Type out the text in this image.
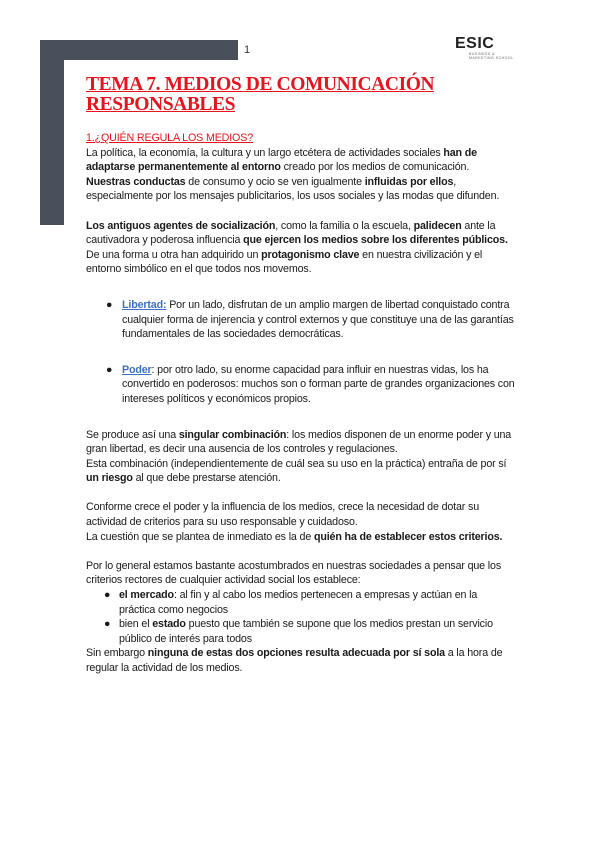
1	ESIC
BUSINESS & MARKETING SCHOOL
TEMA 7. MEDIOS DE COMUNICACIÓN RESPONSABLES

1.¿QUIÉN REGULA LOS MEDIOS?

La política, la economía, la cultura y un largo etcétera de actividades sociales han de adaptarse permanentemente al entorno creado por los medios de comunicación. Nuestras conductas de consumo y ocio se ven igualmente influidas por ellos, especialmente por los mensajes publicitarios, los usos sociales y las modas que difunden.

Los antiguos agentes de socialización, como la familia o la escuela, palidecen ante la cautivadora y poderosa influencia que ejercen los medios sobre los diferentes públicos.

De una forma u otra han adquirido un protagonismo clave en nuestra civilización y el entorno simbólico en el que todos nos movemos.

● Libertad: Por un lado, disfrutan de un amplio margen de libertad conquistado contra cualquier forma de injerencia y control externos y que constituye una de las garantías fundamentales de las sociedades democráticas.
● Poder: por otro lado, su enorme capacidad para influir en nuestras vidas, los ha convertido en poderosos: muchos son o forman parte de grandes organizaciones con intereses políticos y económicos propios.

Se produce así una singular combinación: los medios disponen de un enorme poder y una gran libertad, es decir una ausencia de los controles y regulaciones.

Esta combinación (independientemente de cuál sea su uso en la práctica) entraña de por sí un riesgo al que debe prestarse atención.

Conforme crece el poder y la influencia de los medios, crece la necesidad de dotar su actividad de criterios para su uso responsable y cuidadoso.

La cuestión que se plantea de inmediato es la de quién ha de establecer estos criterios.

Por lo general estamos bastante acostumbrados en nuestras sociedades a pensar que los criterios rectores de cualquier actividad social los establece:

● el mercado: al fin y al cabo los medios pertenecen a empresas y actúan en la práctica como negocios
● bien el estado puesto que también se supone que los medios prestan un servicio público de interés para todos

Sin embargo ninguna de estas dos opciones resulta adecuada por sí sola a la hora de regular la actividad de los medios.
